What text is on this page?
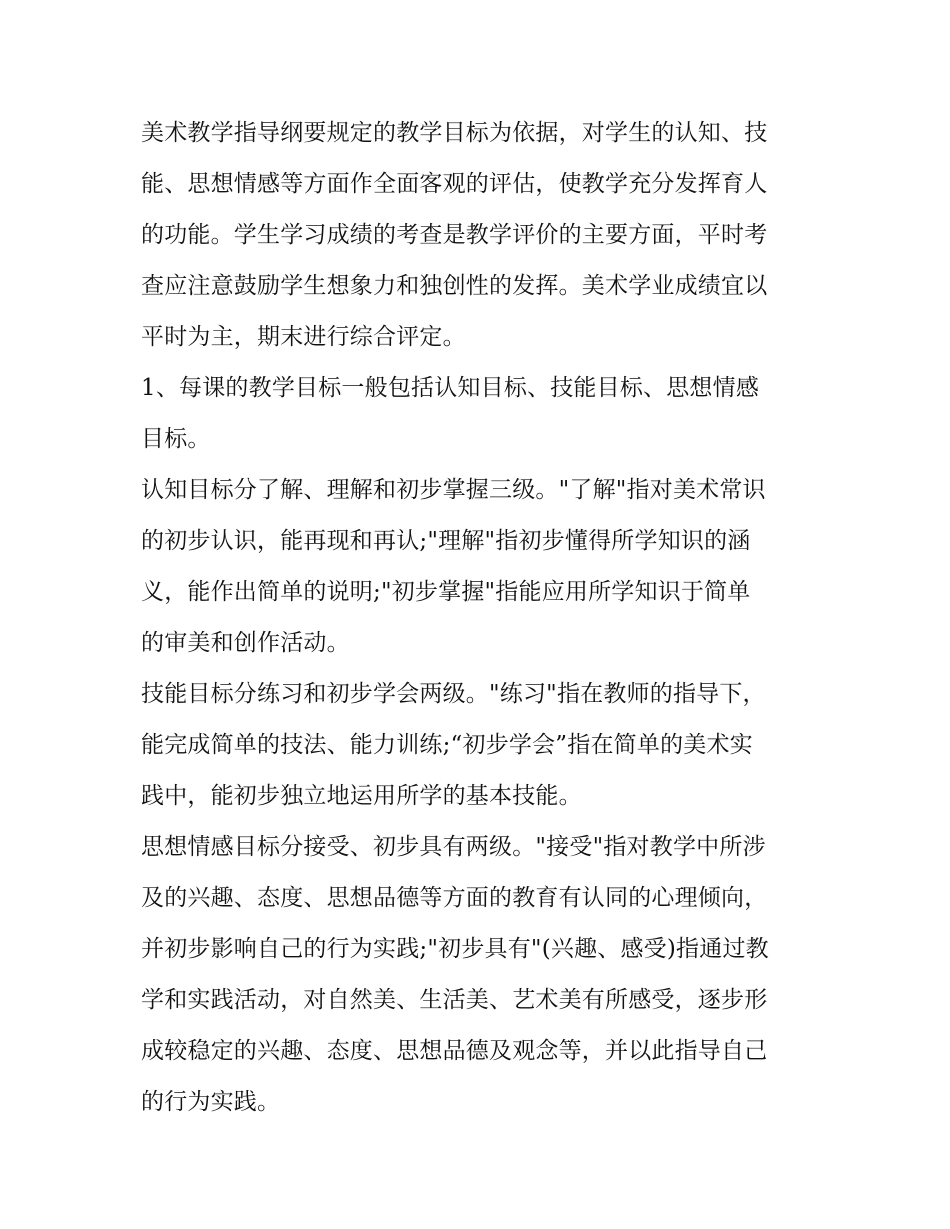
美术教学指导纲要规定的教学目标为依据，对学生的认知、技
能、思想情感等方面作全面客观的评估，使教学充分发挥育人
的功能。学生学习成绩的考查是教学评价的主要方面，平时考
查应注意鼓励学生想象力和独创性的发挥。美术学业成绩宜以
平时为主，期末进行综合评定。
1、每课的教学目标一般包括认知目标、技能目标、思想情感
目标。
认知目标分了解、理解和初步掌握三级。"了解"指对美术常识
的初步认识，能再现和再认;"理解"指初步懂得所学知识的涵
义，能作出简单的说明;"初步掌握"指能应用所学知识于简单
的审美和创作活动。
技能目标分练习和初步学会两级。"练习"指在教师的指导下，
能完成简单的技法、能力训练;“初步学会”指在简单的美术实
践中，能初步独立地运用所学的基本技能。
思想情感目标分接受、初步具有两级。"接受"指对教学中所涉
及的兴趣、态度、思想品德等方面的教育有认同的心理倾向，
并初步影响自己的行为实践;"初步具有"(兴趣、感受)指通过教
学和实践活动，对自然美、生活美、艺术美有所感受，逐步形
成较稳定的兴趣、态度、思想品德及观念等，并以此指导自己
的行为实践。
